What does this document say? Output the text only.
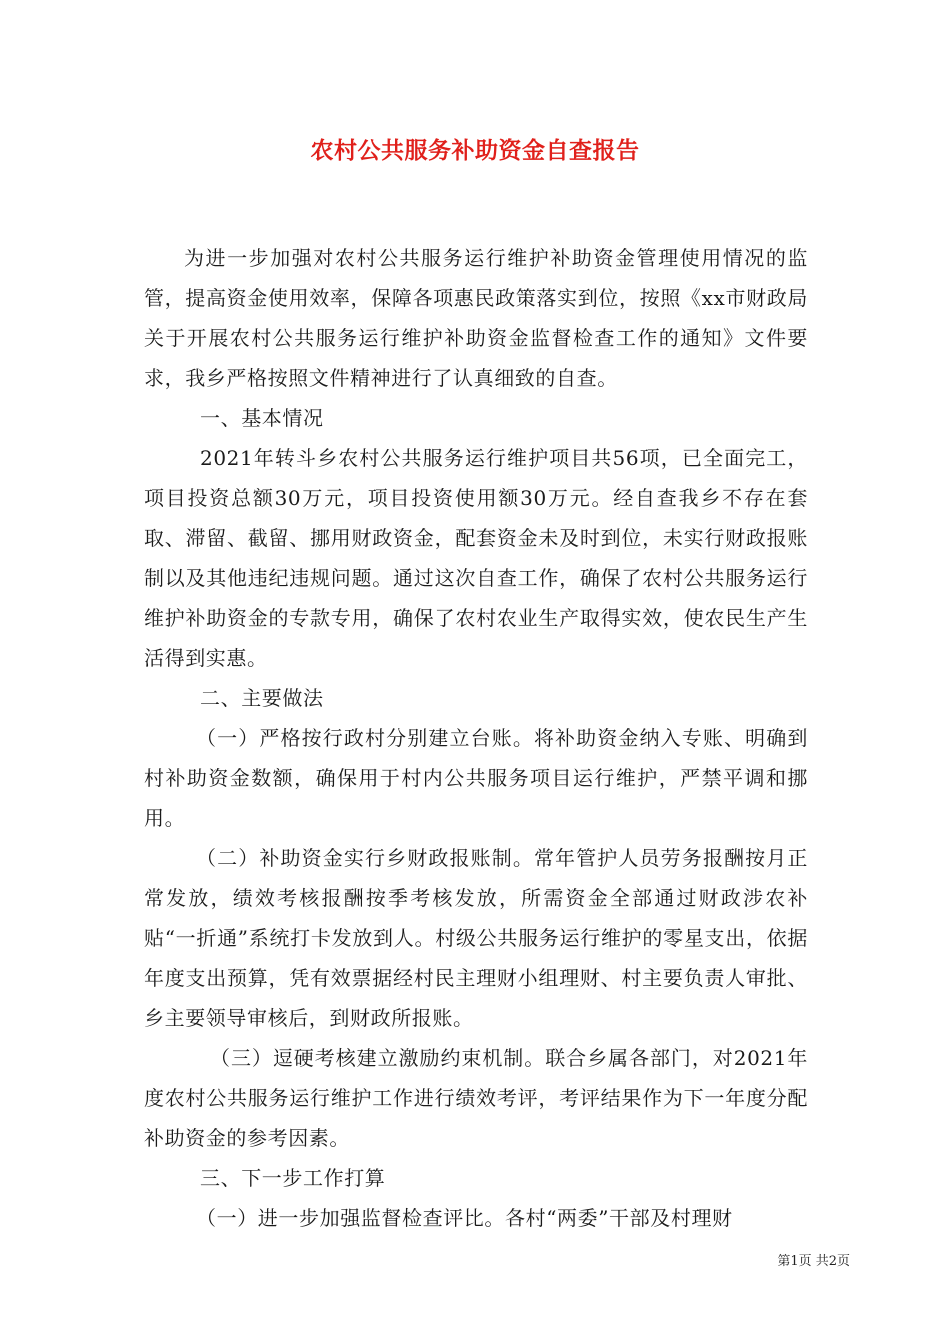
农村公共服务补助资金自查报告

为进一步加强对农村公共服务运行维护补助资金管理使用情况的监管，提高资金使用效率，保障各项惠民政策落实到位，按照《xx市财政局关于开展农村公共服务运行维护补助资金监督检查工作的通知》文件要求，我乡严格按照文件精神进行了认真细致的自查。

一、基本情况

2021年转斗乡农村公共服务运行维护项目共56项，已全面完工，项目投资总额30万元，项目投资使用额30万元。经自查我乡不存在套取、滞留、截留、挪用财政资金，配套资金未及时到位，未实行财政报账制以及其他违纪违规问题。通过这次自查工作，确保了农村公共服务运行维护补助资金的专款专用，确保了农村农业生产取得实效，使农民生产生活得到实惠。

二、主要做法

（一）严格按行政村分别建立台账。将补助资金纳入专账、明确到村补助资金数额，确保用于村内公共服务项目运行维护，严禁平调和挪用。

（二）补助资金实行乡财政报账制。常年管护人员劳务报酬按月正常发放，绩效考核报酬按季考核发放，所需资金全部通过财政涉农补贴“一折通”系统打卡发放到人。村级公共服务运行维护的零星支出，依据年度支出预算，凭有效票据经村民主理财小组理财、村主要负责人审批、乡主要领导审核后，到财政所报账。

（三）逗硬考核建立激励约束机制。联合乡属各部门，对2021年度农村公共服务运行维护工作进行绩效考评，考评结果作为下一年度分配补助资金的参考因素。

三、下一步工作打算

（一）进一步加强监督检查评比。各村“两委”干部及村理财

第1页 共2页
